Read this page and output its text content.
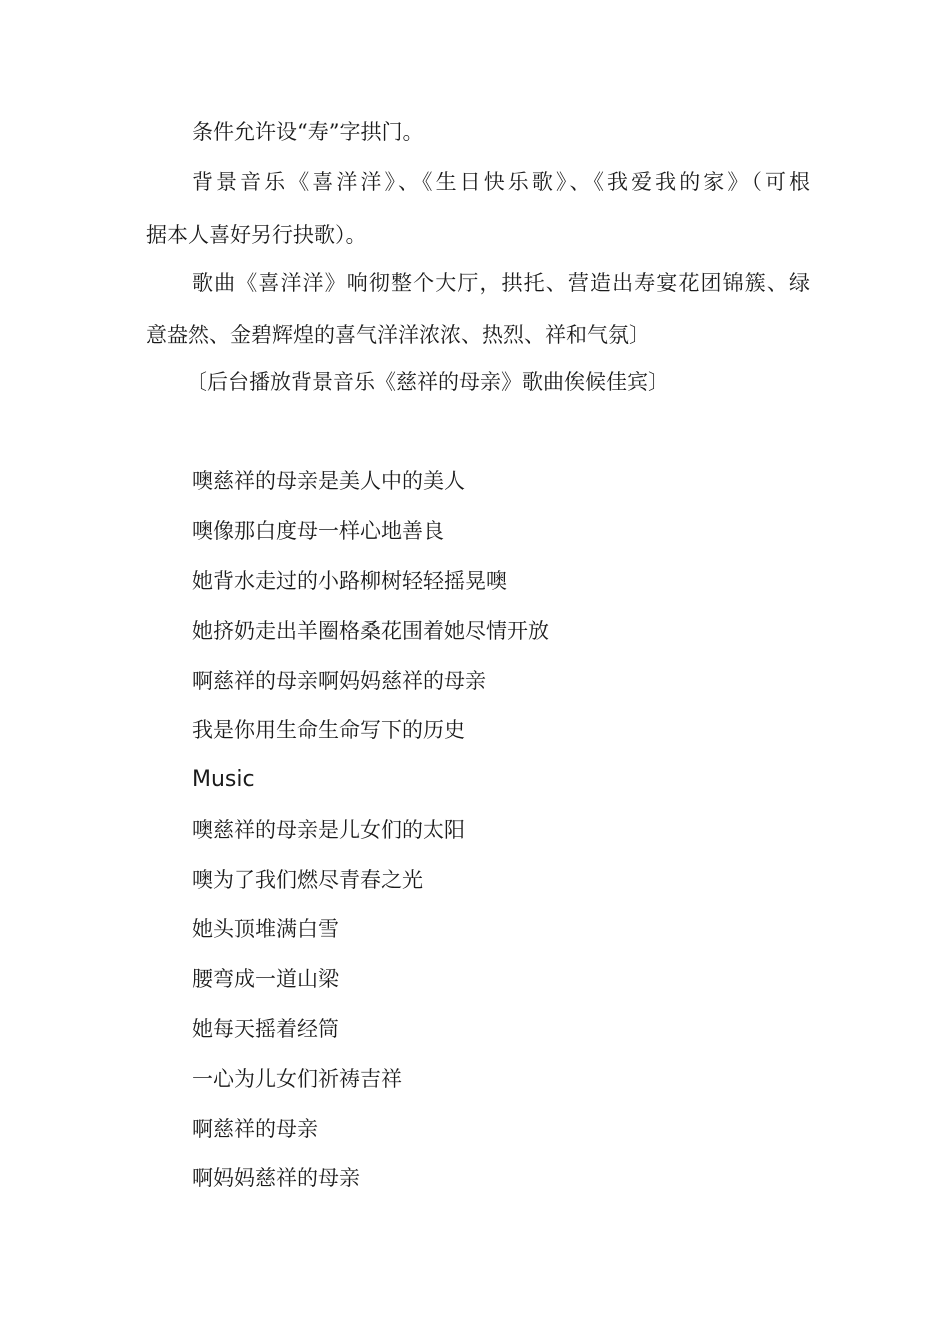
条件允许设“寿”字拱门。
背景音乐《喜洋洋》、《生日快乐歌》、《我爱我的家》（可根
据本人喜好另行抉歌）。
歌曲《喜洋洋》响彻整个大厅，拱托、营造出寿宴花团锦簇、绿
意盎然、金碧辉煌的喜气洋洋浓浓、热烈、祥和气氛〕
〔后台播放背景音乐《慈祥的母亲》歌曲俟候佳宾〕
噢慈祥的母亲是美人中的美人
噢像那白度母一样心地善良
她背水走过的小路柳树轻轻摇晃噢
她挤奶走出羊圈格桑花围着她尽情开放
啊慈祥的母亲啊妈妈慈祥的母亲
我是你用生命生命写下的历史
Music
噢慈祥的母亲是儿女们的太阳
噢为了我们燃尽青春之光
她头顶堆满白雪
腰弯成一道山梁
她每天摇着经筒
一心为儿女们祈祷吉祥
啊慈祥的母亲
啊妈妈慈祥的母亲
